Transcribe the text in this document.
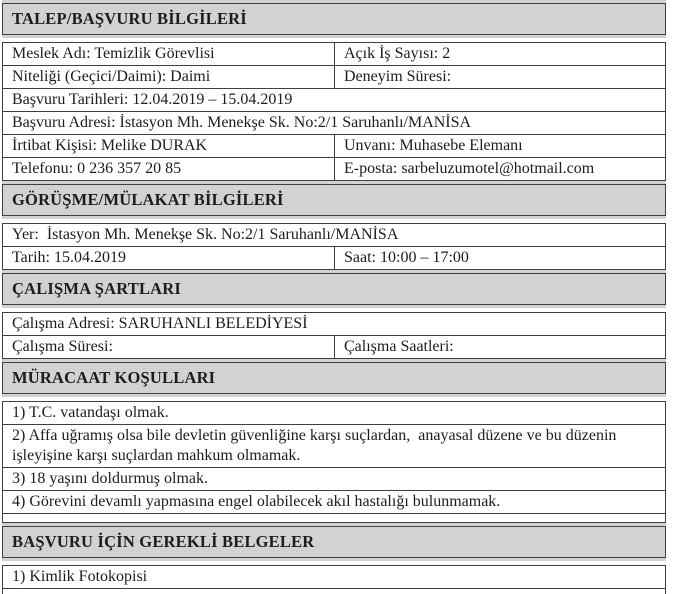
TALEP/BAŞVURU BİLGİLERİ
Meslek Adı: Temizlik Görevlisi	Açık İş Sayısı: 2
Niteliği (Geçici/Daimi): Daimi	Deneyim Süresi:
Başvuru Tarihleri: 12.04.2019 – 15.04.2019
Başvuru Adresi: İstasyon Mh. Menekşe Sk. No:2/1 Saruhanlı/MANİSA
İrtibat Kişisi: Melike DURAK	Unvanı: Muhasebe Elemanı
Telefonu: 0 236 357 20 85	E-posta: sarbeluzumotel@hotmail.com
GÖRÜŞME/MÜLAKAT BİLGİLERİ
Yer:  İstasyon Mh. Menekşe Sk. No:2/1 Saruhanlı/MANİSA
Tarih: 15.04.2019	Saat: 10:00 – 17:00
ÇALIŞMA ŞARTLARI
Çalışma Adresi: SARUHANLI BELEDİYESİ
Çalışma Süresi:	Çalışma Saatleri:
MÜRACAAT KOŞULLARI
1) T.C. vatandaşı olmak.
2) Affa uğramış olsa bile devletin güvenliğine karşı suçlardan,  anayasal düzene ve bu düzenin işleyişine karşı suçlardan mahkum olmamak.
3) 18 yaşını doldurmuş olmak.
4) Görevini devamlı yapmasına engel olabilecek akıl hastalığı bulunmamak.
BAŞVURU İÇİN GEREKLİ BELGELER
1) Kimlik Fotokopisi
